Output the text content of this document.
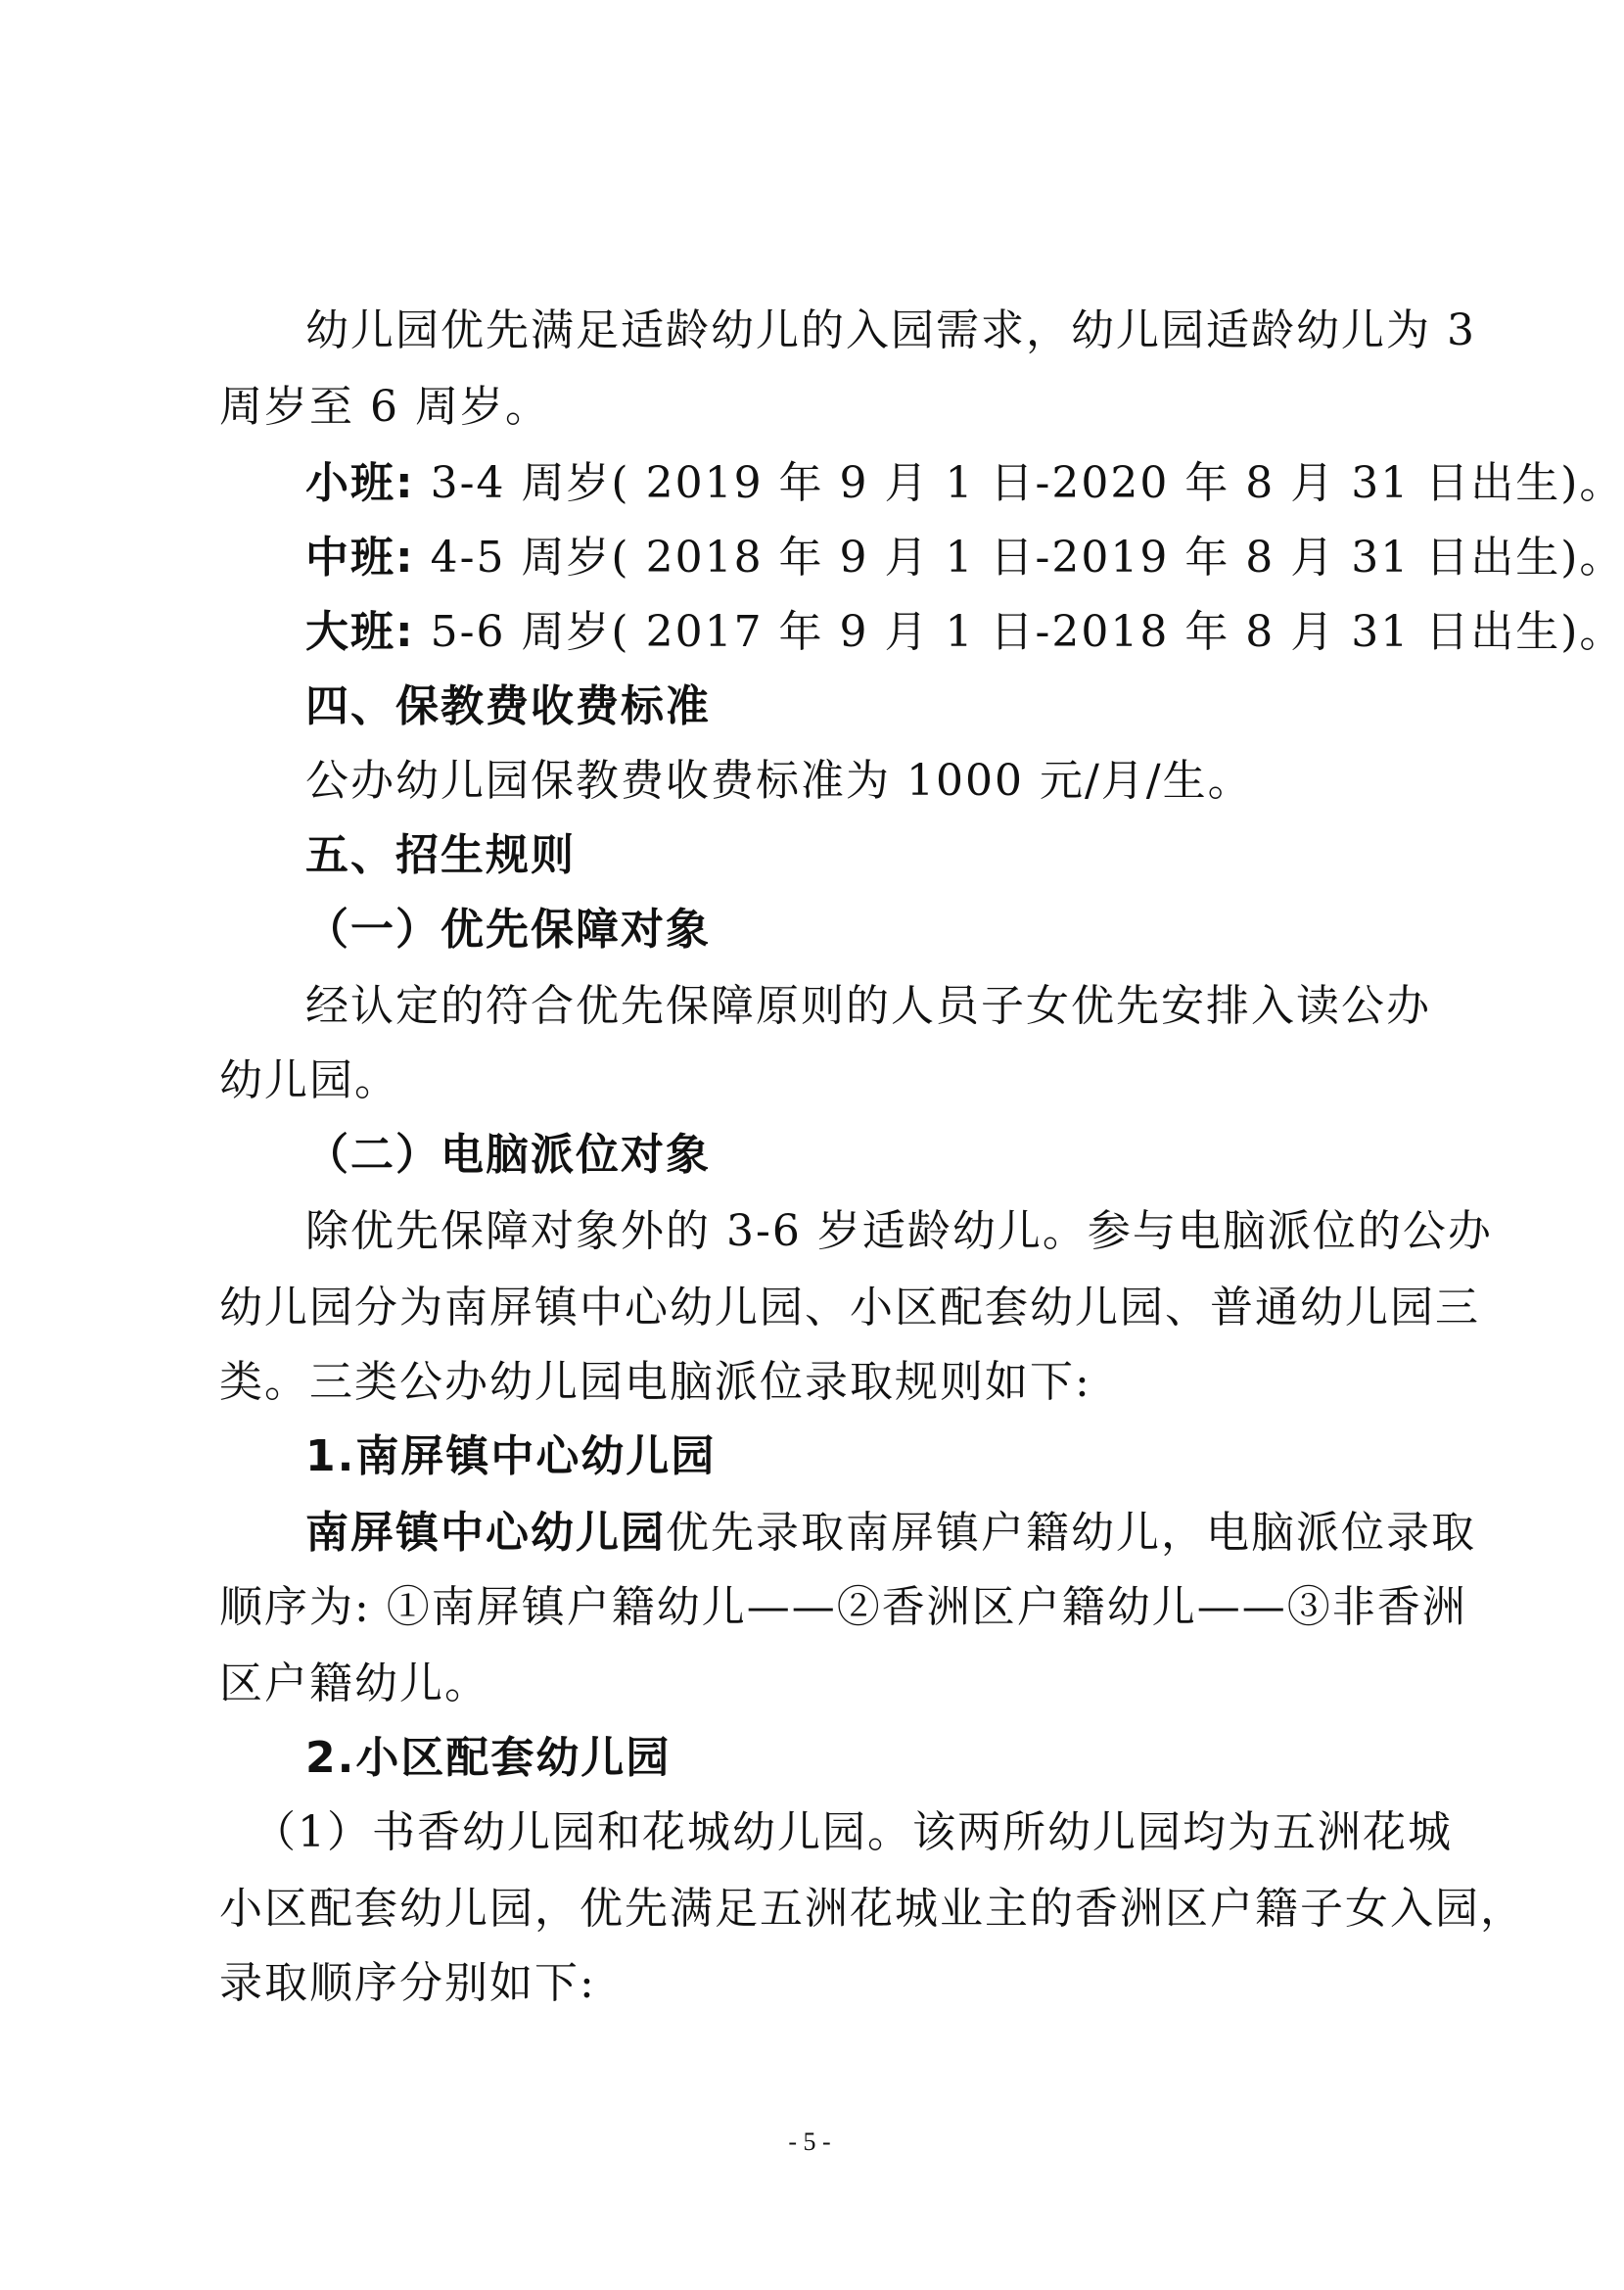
幼儿园优先满足适龄幼儿的入园需求，幼儿园适龄幼儿为 3
周岁至 6 周岁。
小班: 3-4 周岁( 2019 年 9 月 1 日-2020 年 8 月 31 日出生)。
中班: 4-5 周岁( 2018 年 9 月 1 日-2019 年 8 月 31 日出生)。
大班: 5-6 周岁( 2017 年 9 月 1 日-2018 年 8 月 31 日出生)。
四、保教费收费标准
公办幼儿园保教费收费标准为 1000 元/月/生。
五、招生规则
（一）优先保障对象
经认定的符合优先保障原则的人员子女优先安排入读公办
幼儿园。
（二）电脑派位对象
除优先保障对象外的 3-6 岁适龄幼儿。参与电脑派位的公办
幼儿园分为南屏镇中心幼儿园、小区配套幼儿园、普通幼儿园三
类。三类公办幼儿园电脑派位录取规则如下:
1.南屏镇中心幼儿园
南屏镇中心幼儿园优先录取南屏镇户籍幼儿，电脑派位录取
顺序为: ①南屏镇户籍幼儿——②香洲区户籍幼儿——③非香洲
区户籍幼儿。
2.小区配套幼儿园
（1）书香幼儿园和花城幼儿园。该两所幼儿园均为五洲花城
小区配套幼儿园，优先满足五洲花城业主的香洲区户籍子女入园，
录取顺序分别如下:
- 5 -
